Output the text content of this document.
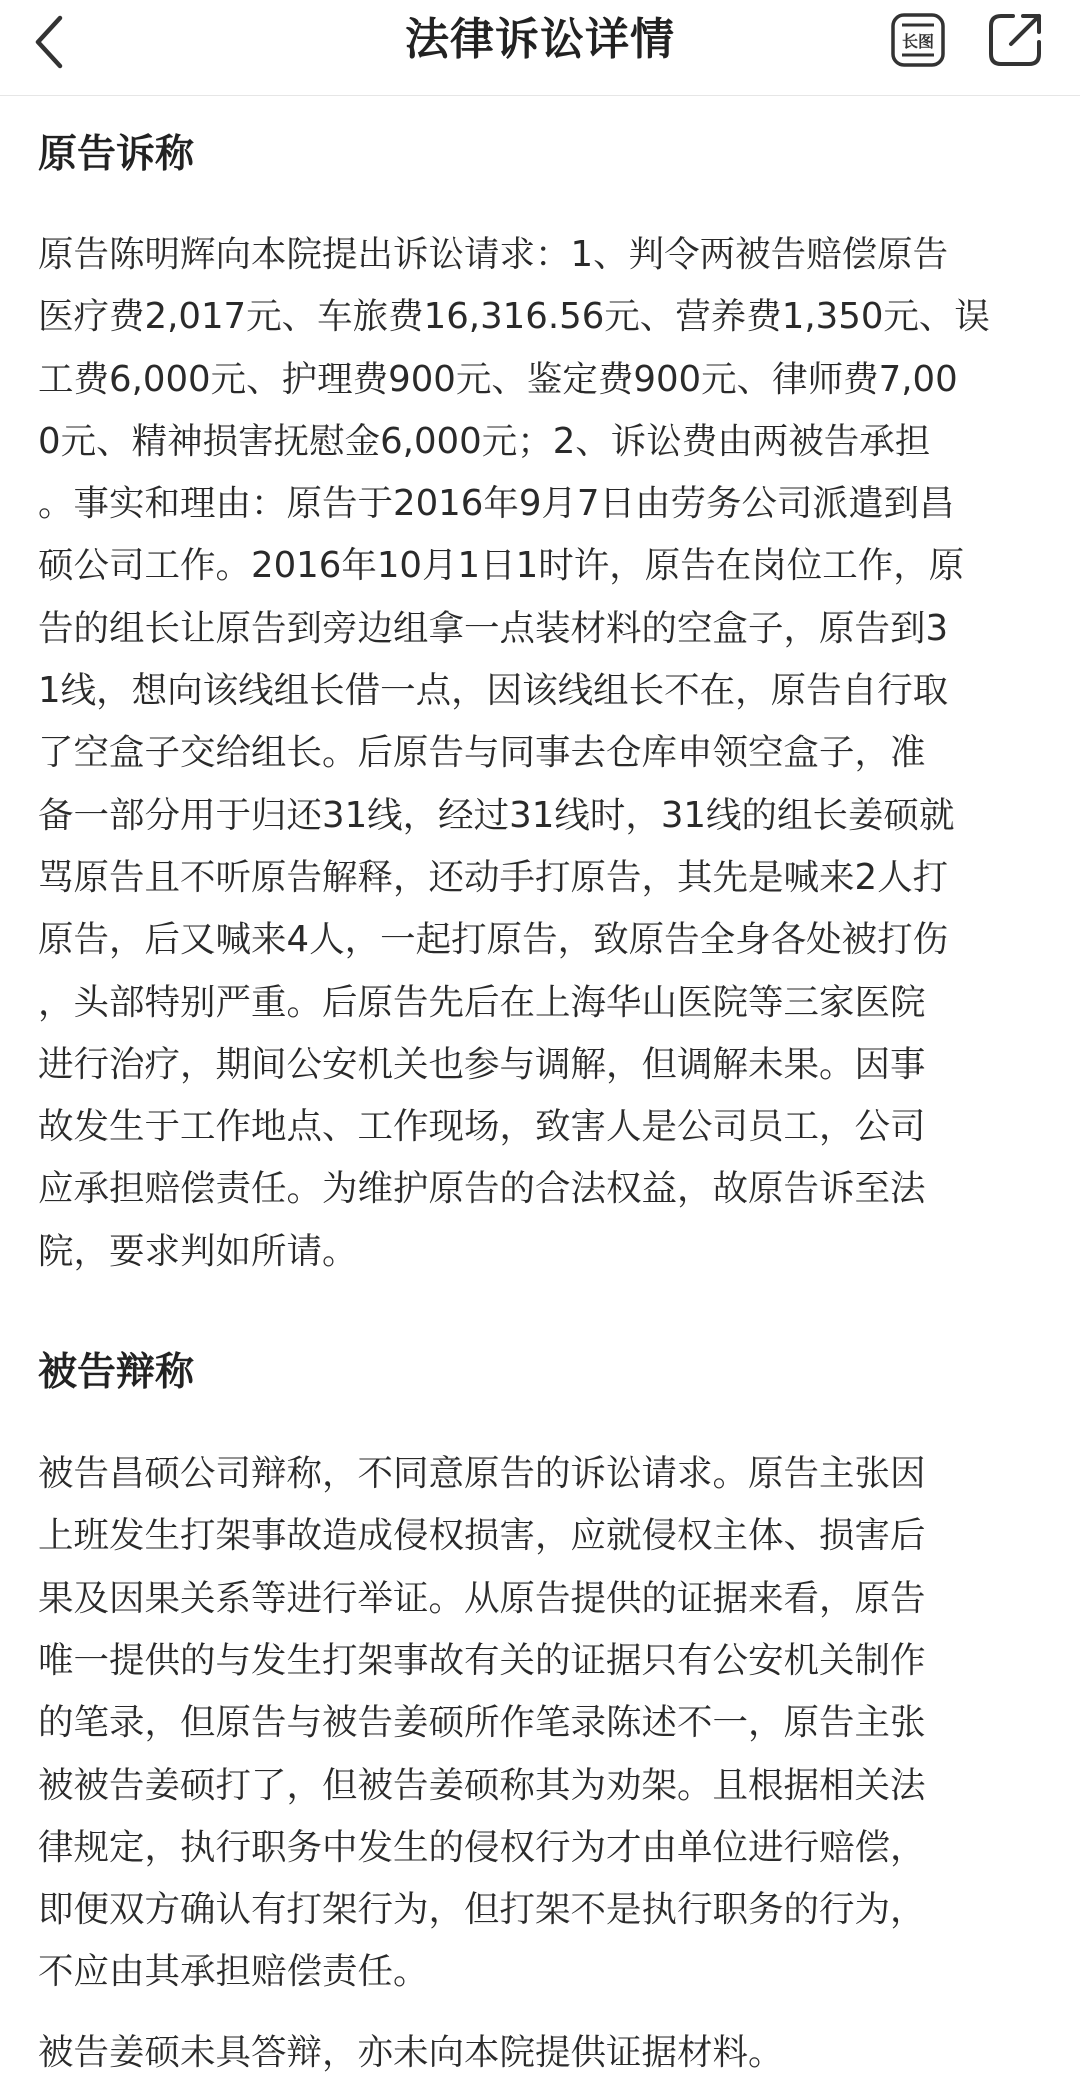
法律诉讼详情	长图
原告诉称

原告陈明辉向本院提出诉讼请求：1、判令两被告赔偿原告
医疗费2,017元、车旅费16,316.56元、营养费1,350元、误
工费6,000元、护理费900元、鉴定费900元、律师费7,00
0元、精神损害抚慰金6,000元；2、诉讼费由两被告承担
。事实和理由：原告于2016年9月7日由劳务公司派遣到昌
硕公司工作。2016年10月1日1时许，原告在岗位工作，原
告的组长让原告到旁边组拿一点装材料的空盒子，原告到3
1线，想向该线组长借一点，因该线组长不在，原告自行取
了空盒子交给组长。后原告与同事去仓库申领空盒子，准
备一部分用于归还31线，经过31线时，31线的组长姜硕就
骂原告且不听原告解释，还动手打原告，其先是喊来2人打
原告，后又喊来4人，一起打原告，致原告全身各处被打伤
，头部特别严重。后原告先后在上海华山医院等三家医院
进行治疗，期间公安机关也参与调解，但调解未果。因事
故发生于工作地点、工作现场，致害人是公司员工，公司
应承担赔偿责任。为维护原告的合法权益，故原告诉至法
院，要求判如所请。

被告辩称

被告昌硕公司辩称，不同意原告的诉讼请求。原告主张因
上班发生打架事故造成侵权损害，应就侵权主体、损害后
果及因果关系等进行举证。从原告提供的证据来看，原告
唯一提供的与发生打架事故有关的证据只有公安机关制作
的笔录，但原告与被告姜硕所作笔录陈述不一，原告主张
被被告姜硕打了，但被告姜硕称其为劝架。且根据相关法
律规定，执行职务中发生的侵权行为才由单位进行赔偿，
即便双方确认有打架行为，但打架不是执行职务的行为，
不应由其承担赔偿责任。

被告姜硕未具答辩，亦未向本院提供证据材料。
